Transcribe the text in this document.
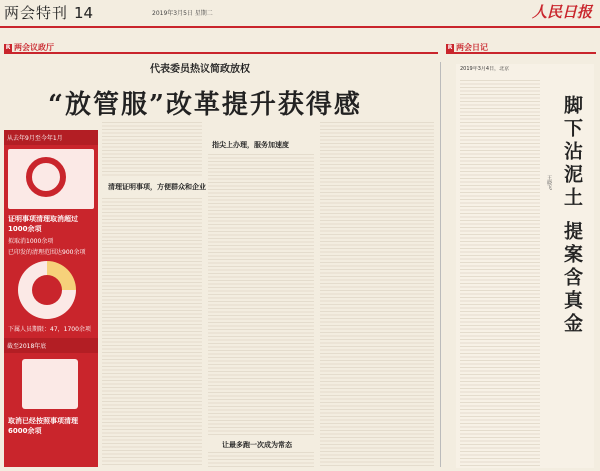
两会特刊 14	2019年3月5日 星期二	人民日报
R 两会议政厅
代表委员热议简政放权
“放管服”改革提升获得感
从去年9月至今年1月
证明事项清理取消超过1000余项
拟取消1000余项
已印发的清理范围达900余项
下属人员期限：47，1700余项
截至2018年底
取消已经按照事项清理6000余项
清理证明事项，方便群众和企业
指尖上办理，服务加速度
让最多跑一次成为常态
R 两会日记
2019年3月4日，北京
脚下沾泥土 提案含真金
王晓飞
